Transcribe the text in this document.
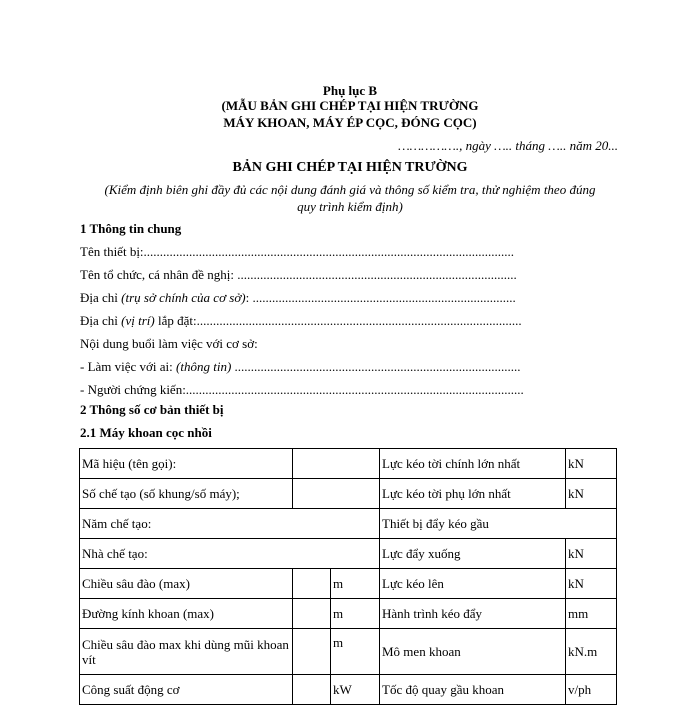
Phụ lục B
(MẪU BẢN GHI CHÉP TẠI HIỆN TRƯỜNG
MÁY KHOAN, MÁY ÉP CỌC, ĐÓNG CỌC)
……………., ngày ….. tháng ….. năm 20...
BẢN GHI CHÉP TẠI HIỆN TRƯỜNG
(Kiểm định biên ghi đầy đủ các nội dung đánh giá và thông số kiểm tra, thử nghiệm theo đúng
quy trình kiểm định)
1 Thông tin chung
Tên thiết bị:..................................................................................................................
Tên tổ chức, cá nhân đề nghị: ......................................................................................
Địa chỉ (trụ sở chính của cơ sở): .................................................................................
Địa chỉ (vị trí) lắp đặt:....................................................................................................
Nội dung buổi làm việc với cơ sở:
- Làm việc với ai: (thông tin) ........................................................................................
- Người chứng kiến:........................................................................................................
2 Thông số cơ bản thiết bị
2.1 Máy khoan cọc nhồi
Mã hiệu (tên gọi):			Lực kéo tời chính lớn nhất	kN
Số chế tạo (số khung/số máy);			Lực kéo tời phụ lớn nhất	kN
Năm chế tạo:			Thiết bị đẩy kéo gầu	
Nhà chế tạo:			Lực đẩy xuống	kN
Chiều sâu đào (max)		m	Lực kéo lên	kN
Đường kính khoan (max)		m	Hành trình kéo đẩy	mm
Chiều sâu đào max khi dùng mũi khoan vít		m	Mô men khoan	kN.m
Công suất động cơ		kW	Tốc độ quay gầu khoan	v/ph
